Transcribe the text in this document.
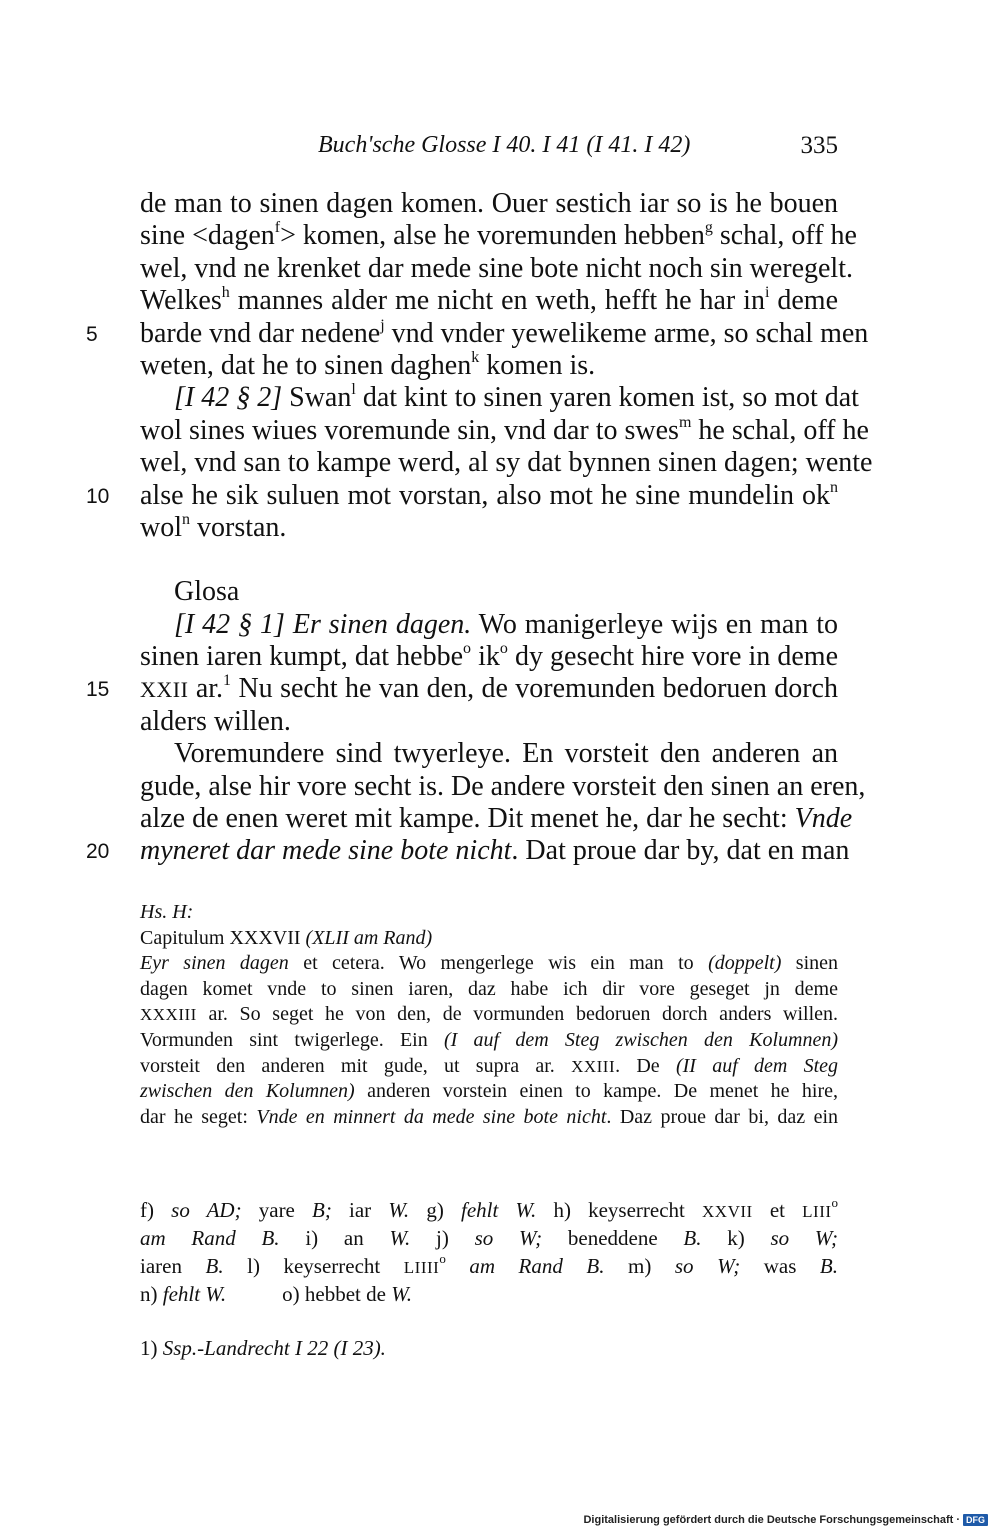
Buch'sche Glosse I 40. I 41 (I 41. I 42)	335
de man to sinen dagen komen. Ouer sestich iar so is he bouen
sine <dagen$^f$> komen, alse he voremunden hebben$^g$ schal, off he
wel, vnd ne krenket dar mede sine bote nicht noch sin weregelt.
Welkes$^h$ mannes alder me nicht en weth, hefft he har $in^i$ deme
5 barde vnd dar nedene$^j$ vnd vnder yewelikeme arme, so schal men
weten, dat he to sinen daghen$^k$ komen is.
[I 42 § 2] Swan$^l$ dat kint to sinen yaren komen ist, so mot dat
wol sines wiues voremunde sin, vnd dar to swes$^m$ he schal, off he
wel, vnd san to kampe werd, al sy dat bynnen sinen dagen; wente
10 alse he sik suluen mot vorstan, also mot he sine mundelin $ok^n$
wol$^n$ vorstan.
Glosa
[I 42 § 1] Er sinen dagen. Wo manigerleye wijs en man to
sinen iaren kumpt, dat hebbe$^o$ $ik^o$ dy gesecht hire vore in deme
15 XXII ar.$^1$ Nu secht he van den, de voremunden bedoruen dorch
alders willen.
Voremundere sind twyerleye. En vorsteit den anderen an
gude, alse hir vore secht is. De andere vorsteit den sinen an eren,
alze de enen weret mit kampe. Dit menet he, dar he secht: Vnde
20 myneret dar mede sine bote nicht. Dat proue dar by, dat en man
Hs. H:
Capitulum XXXVII (XLII am Rand)
Eyr sinen dagen et cetera. Wo mengerlege wis ein man to (doppelt) sinen
dagen komet vnde to sinen iaren, daz habe ich dir vore geseget jn deme
XXXIII ar. So seget he von den, de vormunden bedoruen dorch anders willen.
Vormunden sint twigerlege. Ein (I auf dem Steg zwischen den Kolumnen)
vorsteit den anderen mit gude, ut supra ar. XXIII. De (II auf dem Steg
zwischen den Kolumnen) anderen vorstein einen to kampe. De menet he hire,
dar he seget: Vnde en minnert da mede sine bote nicht. Daz proue dar bi, daz ein
f) so AD; yare B; iar W. g) fehlt W. h) keyserrecht XXVII et LIII$^o$
am Rand B. i) an W. j) so W; beneddene B. k) so W;
iaren B. l) keyserrecht LIIII$^o$ am Rand B. m) so W; was B.
n) fehlt W.	o) hebbet de W.
1) Ssp.-Landrecht I 22 (I 23).
Digitalisierung gefördert durch die Deutsche Forschungsgemeinschaft · DFG
